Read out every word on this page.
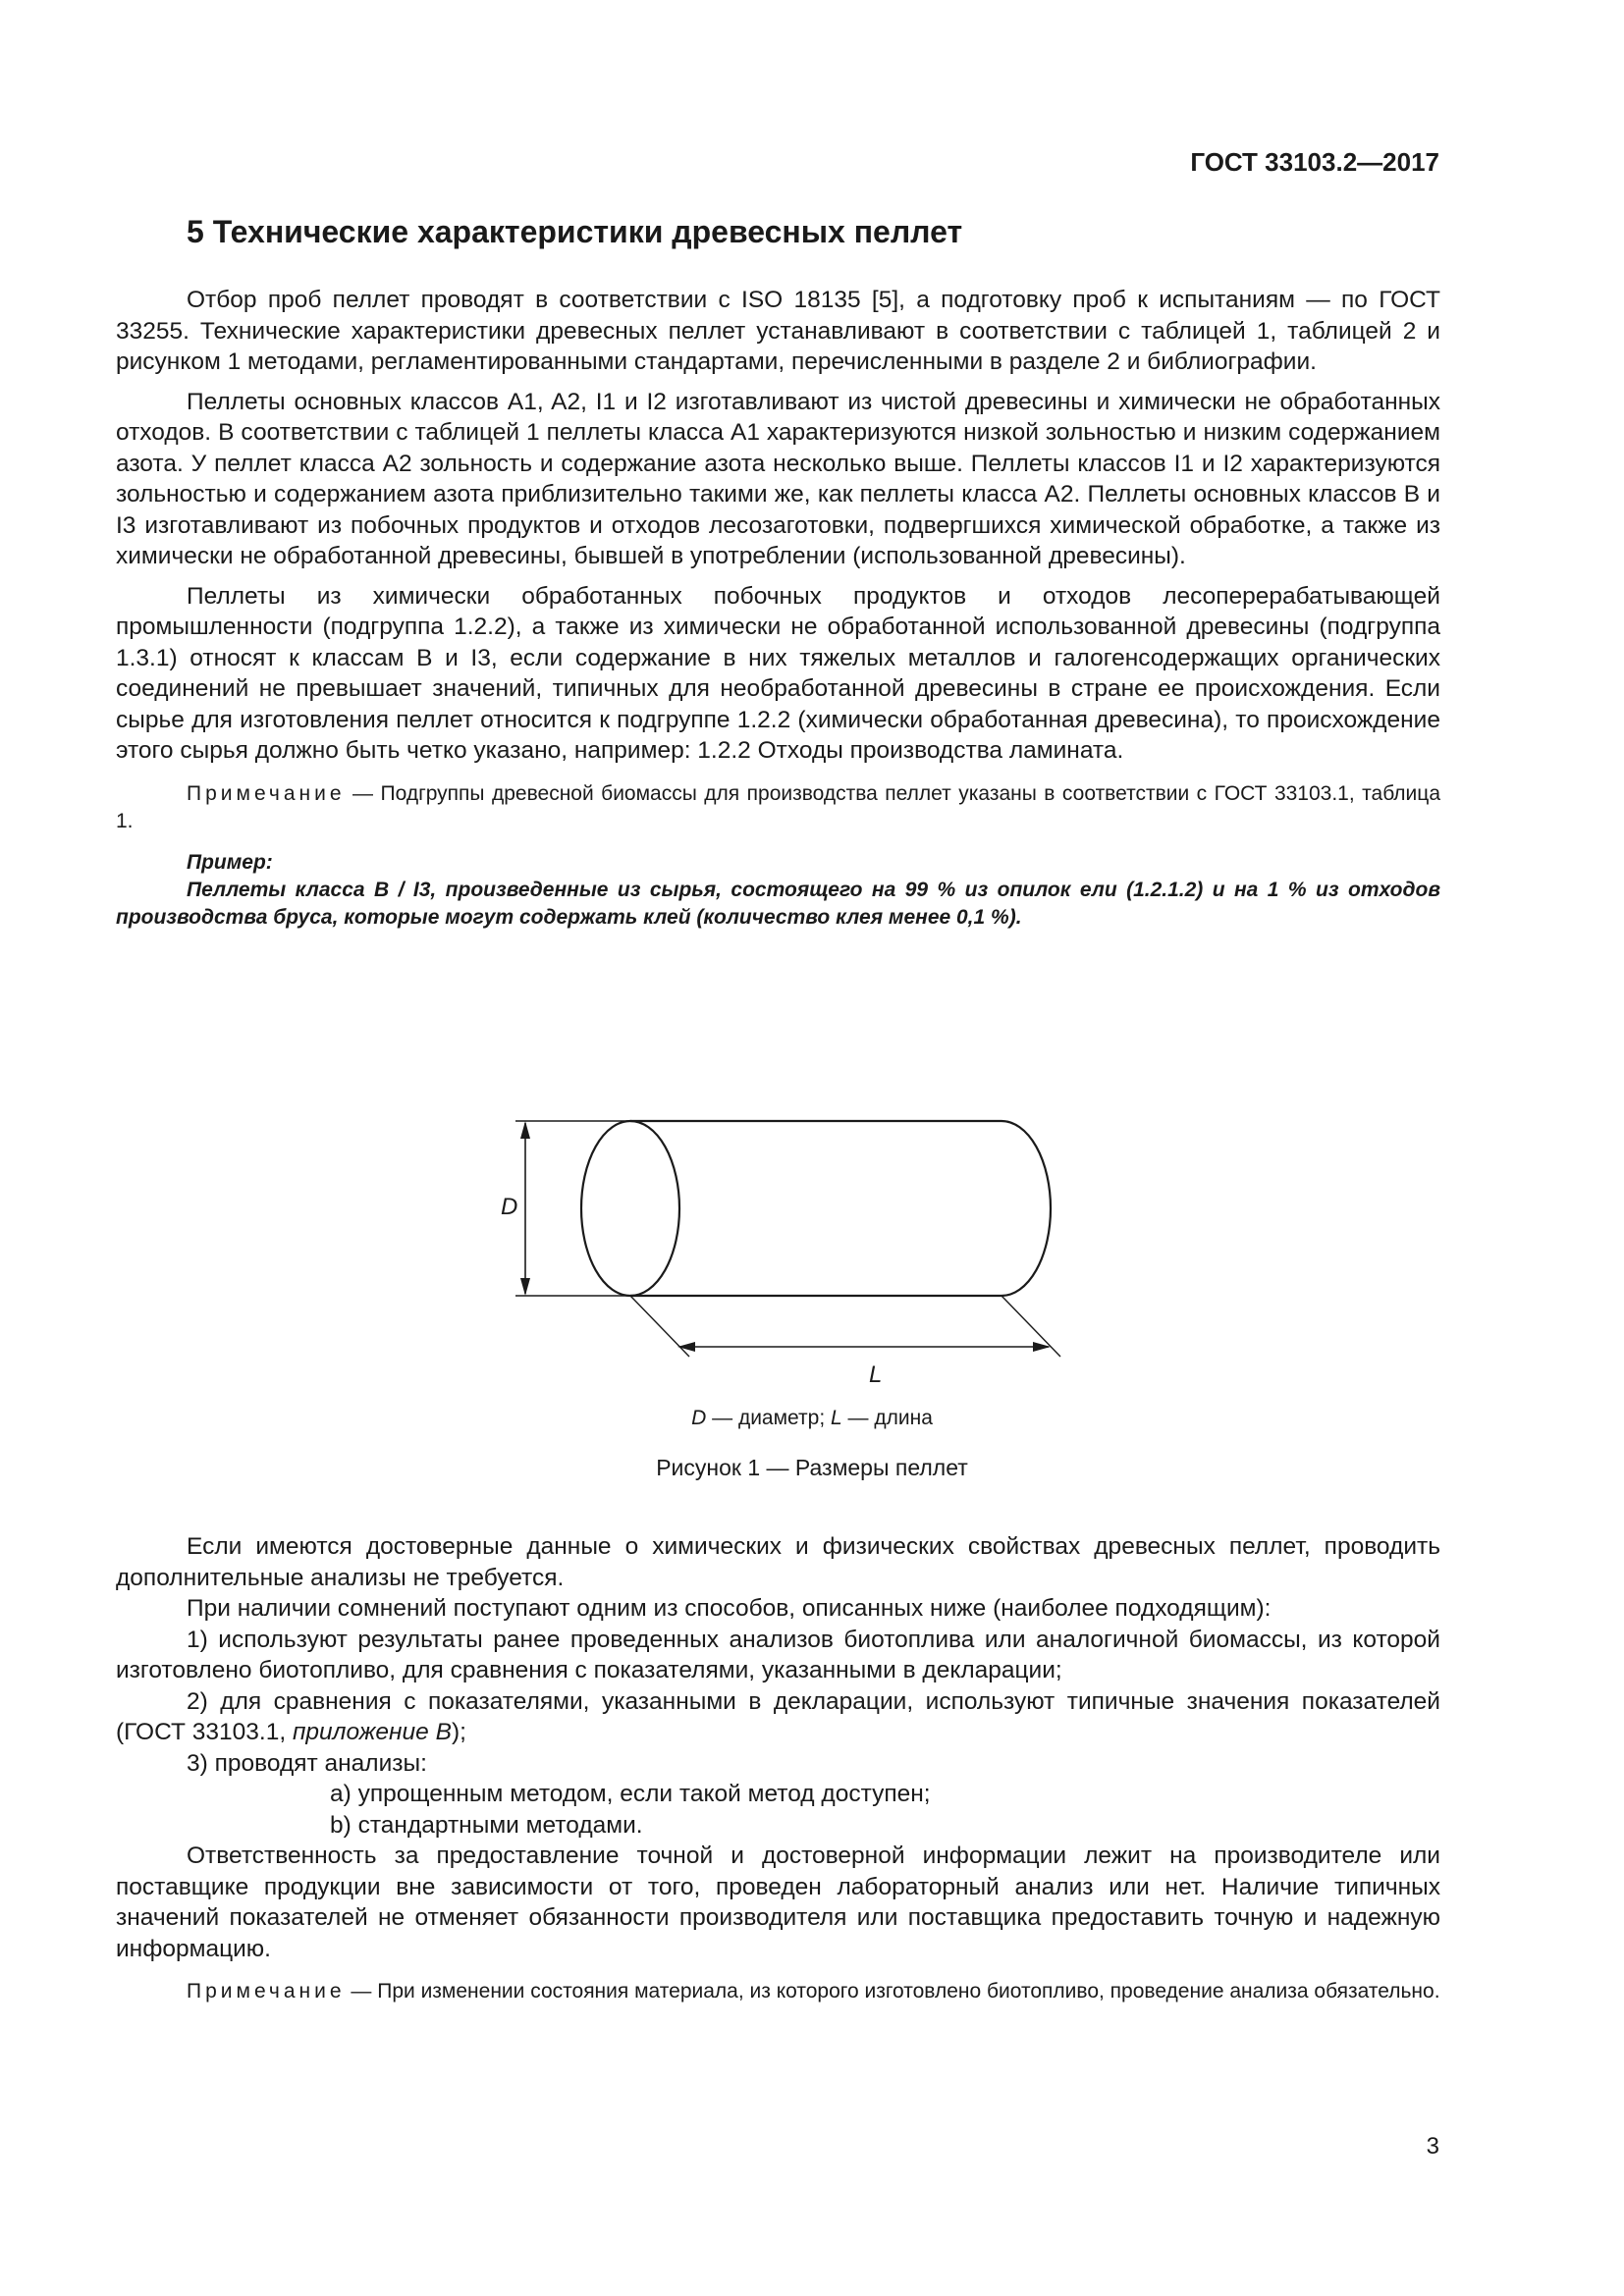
ГОСТ 33103.2—2017
5 Технические характеристики древесных пеллет

Отбор проб пеллет проводят в соответствии с ISO 18135 [5], а подготовку проб к испытаниям — по ГОСТ 33255. Технические характеристики древесных пеллет устанавливают в соответствии с таблицей 1, таблицей 2 и рисунком 1 методами, регламентированными стандартами, перечисленными в разделе 2 и библиографии.

Пеллеты основных классов A1, A2, I1 и I2 изготавливают из чистой древесины и химически не обработанных отходов. В соответствии с таблицей 1 пеллеты класса A1 характеризуются низкой зольностью и низким содержанием азота. У пеллет класса A2 зольность и содержание азота несколько выше. Пеллеты классов I1 и I2 характеризуются зольностью и содержанием азота приблизительно такими же, как пеллеты класса A2. Пеллеты основных классов B и I3 изготавливают из побочных продуктов и отходов лесозаготовки, подвергшихся химической обработке, а также из химически не обработанной древесины, бывшей в употреблении (использованной древесины).

Пеллеты из химически обработанных побочных продуктов и отходов лесоперерабатывающей промышленности (подгруппа 1.2.2), а также из химически не обработанной использованной древесины (подгруппа 1.3.1) относят к классам B и I3, если содержание в них тяжелых металлов и галогенсодержащих органических соединений не превышает значений, типичных для необработанной древесины в стране ее происхождения. Если сырье для изготовления пеллет относится к подгруппе 1.2.2 (химически обработанная древесина), то происхождение этого сырья должно быть четко указано, например: 1.2.2 Отходы производства ламината.

Примечание — Подгруппы древесной биомассы для производства пеллет указаны в соответствии с ГОСТ 33103.1, таблица 1.

Пример:

Пеллеты класса B / I3, произведенные из сырья, состоящего на 99 % из опилок ели (1.2.1.2) и на 1 % из отходов производства бруса, которые могут содержать клей (количество клея менее 0,1 %).

D
L
D — диаметр; L — длина
Рисунок 1 — Размеры пеллет

Если имеются достоверные данные о химических и физических свойствах древесных пеллет, проводить дополнительные анализы не требуется.

При наличии сомнений поступают одним из способов, описанных ниже (наиболее подходящим):

1) используют результаты ранее проведенных анализов биотоплива или аналогичной биомассы, из которой изготовлено биотопливо, для сравнения с показателями, указанными в декларации;

2) для сравнения с показателями, указанными в декларации, используют типичные значения показателей (ГОСТ 33103.1, приложение B);

3) проводят анализы:

a) упрощенным методом, если такой метод доступен;

b) стандартными методами.

Ответственность за предоставление точной и достоверной информации лежит на производителе или поставщике продукции вне зависимости от того, проведен лабораторный анализ или нет. Наличие типичных значений показателей не отменяет обязанности производителя или поставщика предоставить точную и надежную информацию.

Примечание — При изменении состояния материала, из которого изготовлено биотопливо, проведение анализа обязательно.

3
